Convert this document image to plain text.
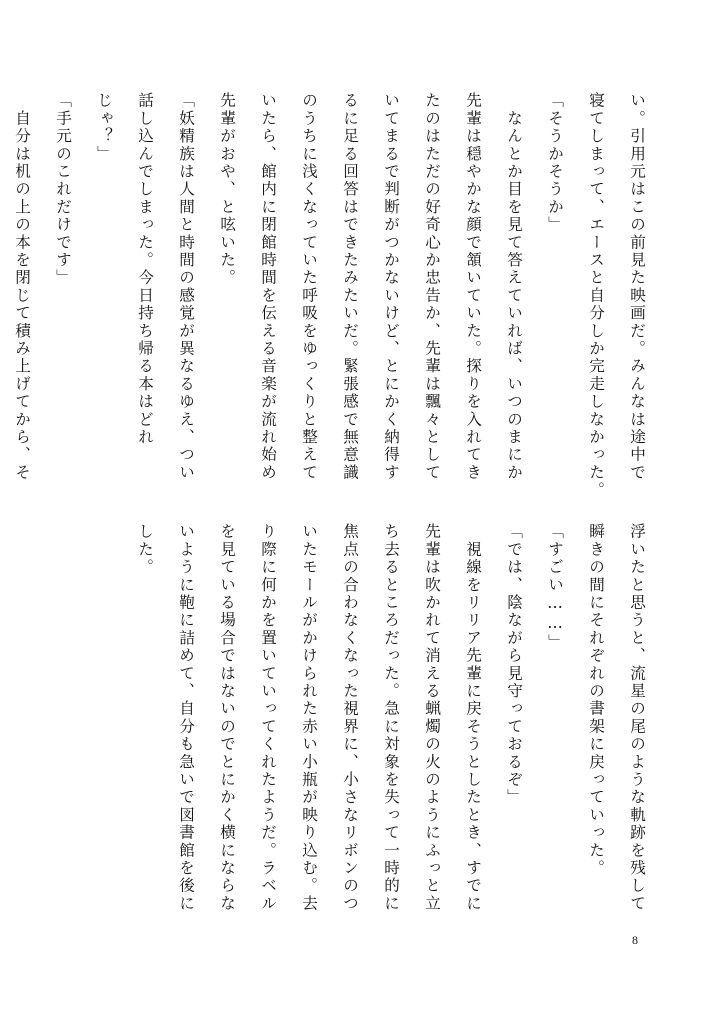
い。引用元はこの前見た映画だ。みんなは途中で
寝てしまって、エースと自分しか完走しなかった。
「そうかそうか」
　なんとか目を見て答えていれば、いつのまにか
先輩は穏やかな顔で頷いていた。探りを入れてき
たのはただの好奇心か忠告か、先輩は飄々として
いてまるで判断がつかないけど、とにかく納得す
るに足る回答はできたみたいだ。緊張感で無意識
のうちに浅くなっていた呼吸をゆっくりと整えて
いたら、館内に閉館時間を伝える音楽が流れ始め
先輩がおや、と呟いた。
「妖精族は人間と時間の感覚が異なるゆえ、つい
話し込んでしまった。今日持ち帰る本はどれ
じゃ？」
「手元のこれだけです」
　自分は机の上の本を閉じて積み上げてから、そ
浮いたと思うと、流星の尾のような軌跡を残して
瞬きの間にそれぞれの書架に戻っていった。
「すごい……」
「では、陰ながら見守っておるぞ」
　視線をリリア先輩に戻そうとしたとき、すでに
先輩は吹かれて消える蝋燭の火のようにふっと立
ち去るところだった。急に対象を失って一時的に
焦点の合わなくなった視界に、小さなリボンのつ
いたモールがかけられた赤い小瓶が映り込む。去
り際に何かを置いていってくれたようだ。ラベル
を見ている場合ではないのでとにかく横にならな
いように鞄に詰めて、自分も急いで図書館を後に
した。
8
